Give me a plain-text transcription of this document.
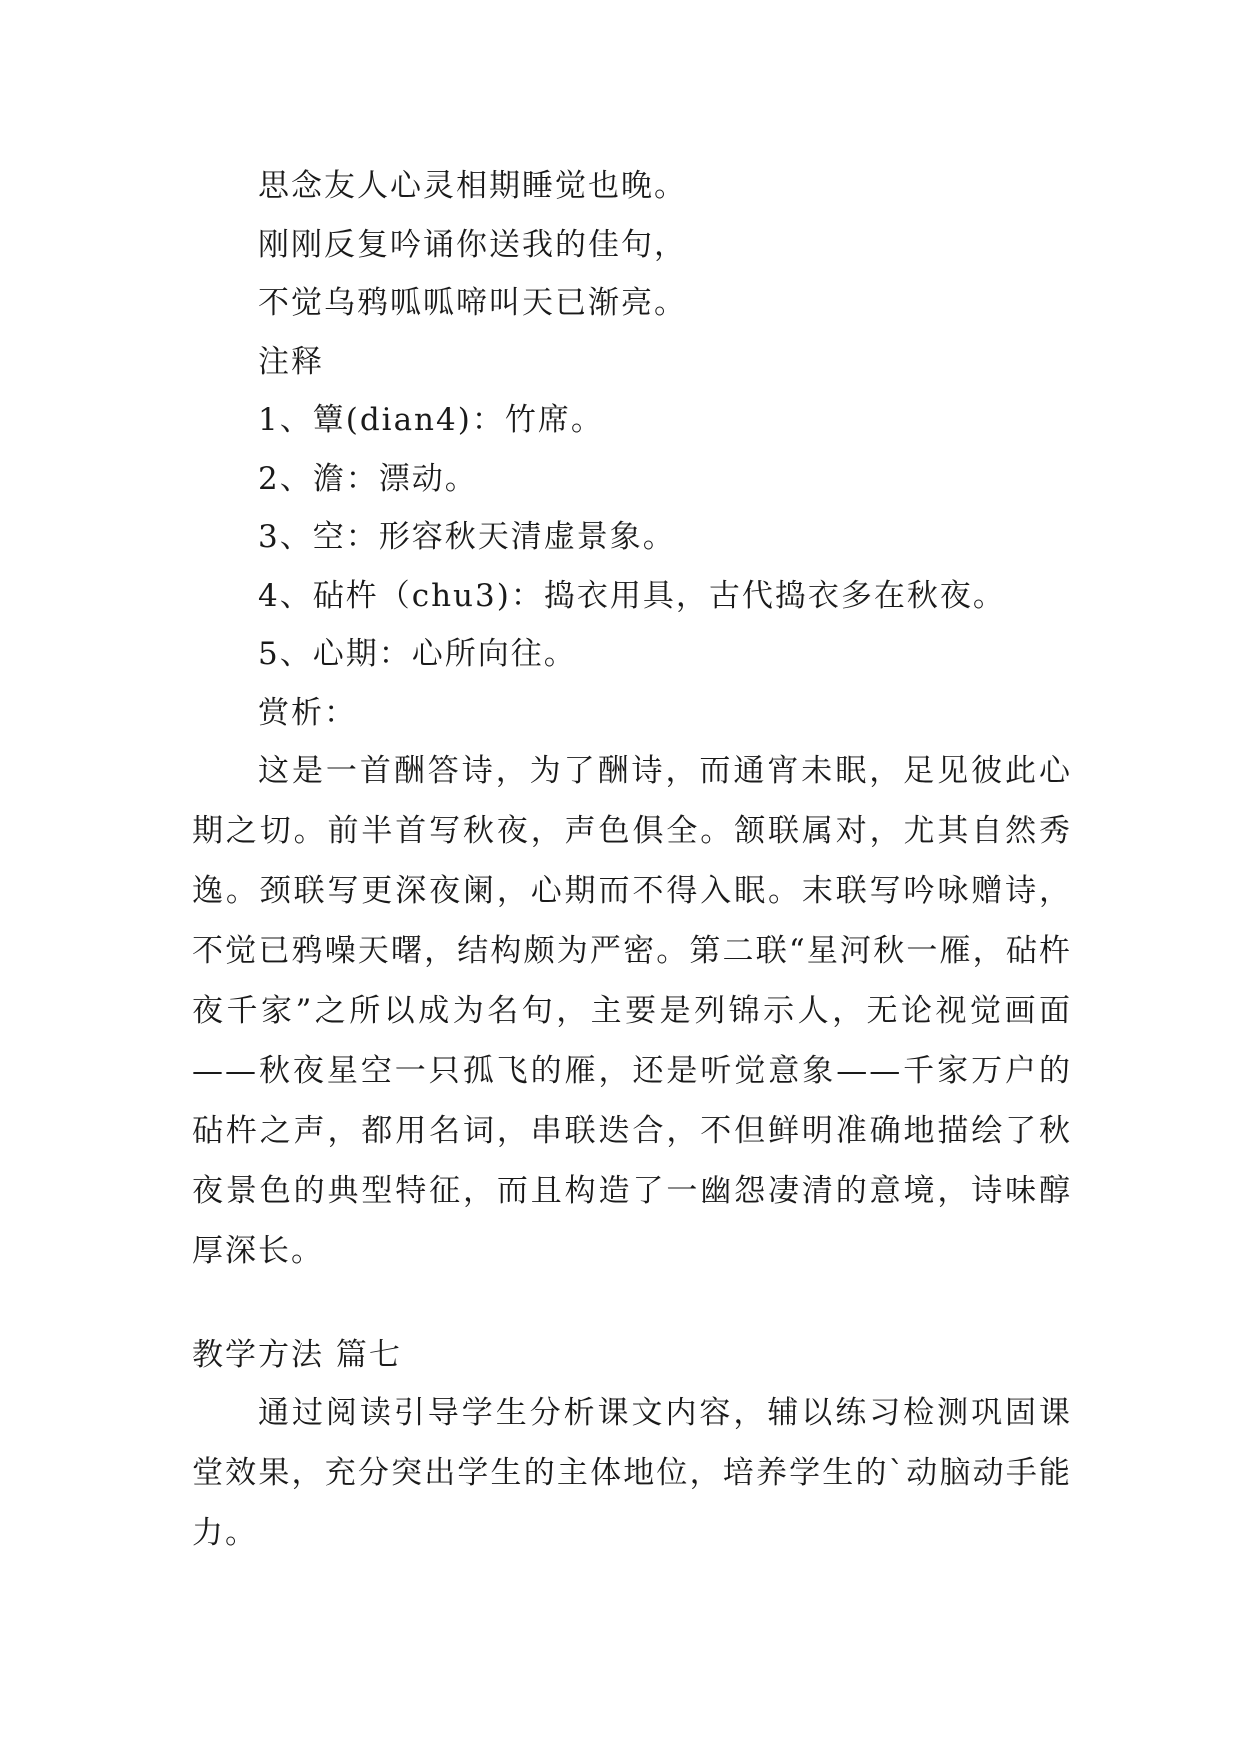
思念友人心灵相期睡觉也晚。
刚刚反复吟诵你送我的佳句，
不觉乌鸦呱呱啼叫天已渐亮。
注释
1、簟(dian4)：竹席。
2、澹：漂动。
3、空：形容秋天清虚景象。
4、砧杵（chu3)：捣衣用具，古代捣衣多在秋夜。
5、心期：心所向往。
赏析：
这是一首酬答诗，为了酬诗，而通宵未眠，足见彼此心期之切。前半首写秋夜，声色俱全。颔联属对，尤其自然秀逸。颈联写更深夜阑，心期而不得入眠。末联写吟咏赠诗，不觉已鸦噪天曙，结构颇为严密。第二联“星河秋一雁，砧杵夜千家”之所以成为名句，主要是列锦示人，无论视觉画面——秋夜星空一只孤飞的雁，还是听觉意象——千家万户的砧杵之声，都用名词，串联迭合，不但鲜明准确地描绘了秋夜景色的典型特征，而且构造了一幽怨凄清的意境，诗味醇厚深长。
教学方法 篇七
通过阅读引导学生分析课文内容，辅以练习检测巩固课堂效果，充分突出学生的主体地位，培养学生的`动脑动手能力。
